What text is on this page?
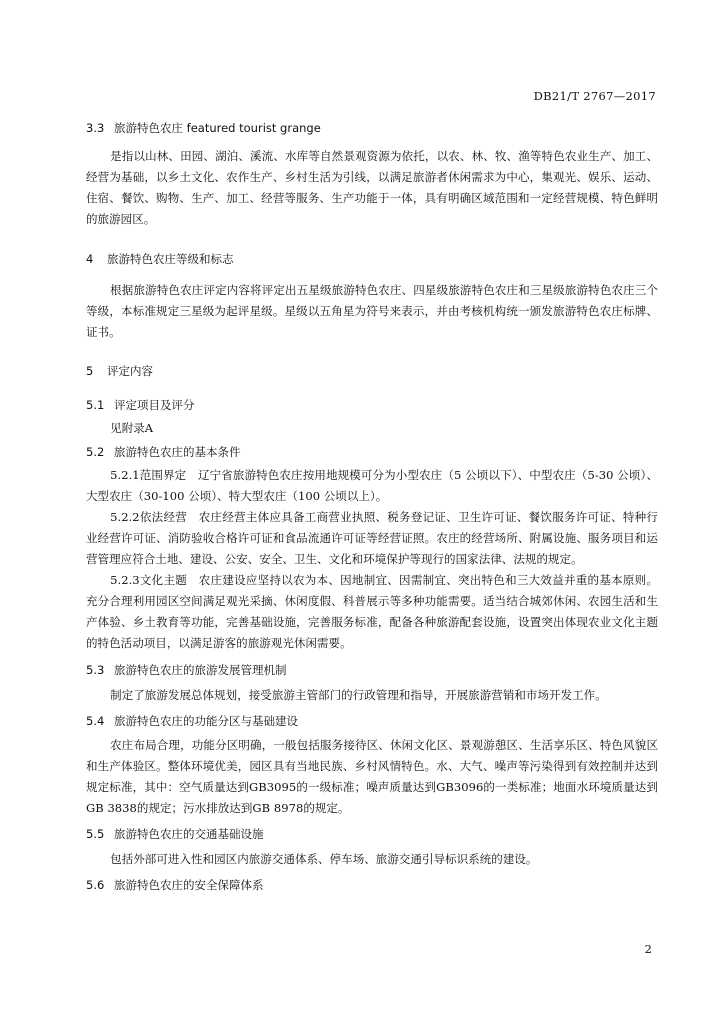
DB21/T 2767—2017
3.3 旅游特色农庄 featured tourist grange

是指以山林、田园、湖泊、溪流、水库等自然景观资源为依托，以农、林、牧、渔等特色农业生产、加工、经营为基础，以乡土文化、农作生产、乡村生活为引线，以满足旅游者休闲需求为中心，集观光、娱乐、运动、住宿、餐饮、购物、生产、加工、经营等服务、生产功能于一体，具有明确区域范围和一定经营规模、特色鲜明的旅游园区。

4 旅游特色农庄等级和标志

根据旅游特色农庄评定内容将评定出五星级旅游特色农庄、四星级旅游特色农庄和三星级旅游特色农庄三个等级，本标准规定三星级为起评星级。星级以五角星为符号来表示，并由考核机构统一颁发旅游特色农庄标牌、证书。

5 评定内容
5.1 评定项目及评分

见附录A

5.2 旅游特色农庄的基本条件

5.2.1范围界定　辽宁省旅游特色农庄按用地规模可分为小型农庄（5 公顷以下）、中型农庄（5-30 公顷）、大型农庄（30-100 公顷）、特大型农庄（100 公顷以上）。

5.2.2依法经营　农庄经营主体应具备工商营业执照、税务登记证、卫生许可证、餐饮服务许可证、特种行业经营许可证、消防验收合格许可证和食品流通许可证等经营证照。农庄的经营场所、附属设施、服务项目和运营管理应符合土地、建设、公安、安全、卫生、文化和环境保护等现行的国家法律、法规的规定。

5.2.3文化主题　农庄建设应坚持以农为本、因地制宜、因需制宜、突出特色和三大效益并重的基本原则。充分合理利用园区空间满足观光采摘、休闲度假、科普展示等多种功能需要。适当结合城郊休闲、农园生活和生产体验、乡土教育等功能，完善基础设施，完善服务标准，配备各种旅游配套设施，设置突出体现农业文化主题的特色活动项目，以满足游客的旅游观光休闲需要。

5.3 旅游特色农庄的旅游发展管理机制

制定了旅游发展总体规划，接受旅游主管部门的行政管理和指导，开展旅游营销和市场开发工作。

5.4 旅游特色农庄的功能分区与基础建设

农庄布局合理，功能分区明确，一般包括服务接待区、休闲文化区、景观游憩区、生活享乐区、特色风貌区和生产体验区。整体环境优美，园区具有当地民族、乡村风情特色。水、大气、噪声等污染得到有效控制并达到规定标准，其中：空气质量达到GB3095的一级标准；噪声质量达到GB3096的一类标准；地面水环境质量达到GB 3838的规定；污水排放达到GB 8978的规定。

5.5 旅游特色农庄的交通基础设施

包括外部可进入性和园区内旅游交通体系、停车场、旅游交通引导标识系统的建设。

5.6 旅游特色农庄的安全保障体系
2
